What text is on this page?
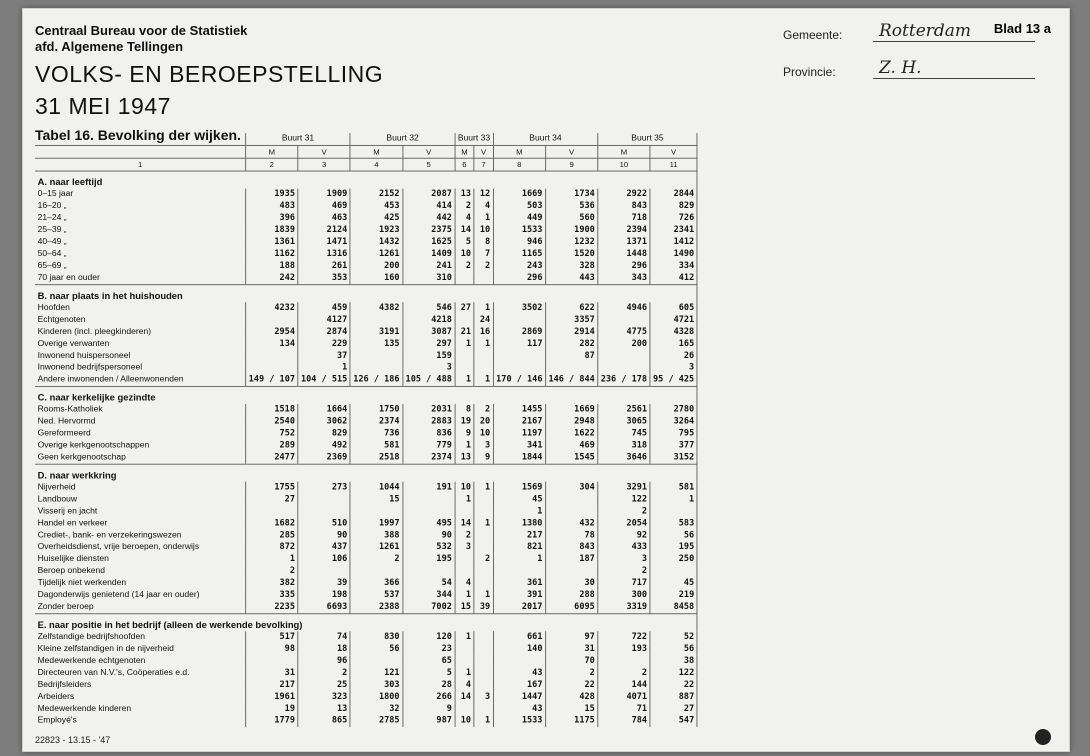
Centraal Bureau voor de Statistiek
afd. Algemene Tellingen
VOLKS- EN BEROEPSTELLING
31 MEI 1947
Tabel 16. Bevolking der wijken.
Gemeente:	Rotterdam
Provincie:	Z. H.
Blad 13 a
	Buurt 31		Buurt 32		Buurt 33		Buurt 34		Buurt 35	
	M	V	M	V	M	V	M	V	M	V
1	2	3	4	5	6	7	8	9	10	11
A. naar leeftijd										
0–15 jaar	1935	1909	2152	2087	13	12	1669	1734	2922	2844
16–20 „	483	469	453	414	2	4	503	536	843	829
21–24 „	396	463	425	442	4	1	449	560	718	726
25–39 „	1839	2124	1923	2375	14	10	1533	1900	2394	2341
40–49 „	1361	1471	1432	1625	5	8	946	1232	1371	1412
50–64 „	1162	1316	1261	1409	10	7	1165	1520	1448	1490
65–69 „	188	261	200	241	2	2	243	328	296	334
70 jaar en ouder	242	353	160	310			296	443	343	412
B. naar plaats in het huishouden										
Hoofden	4232	459	4382	546	27	1	3502	622	4946	605
Echtgenoten		4127		4218		24		3357		4721
Kinderen (incl. pleegkinderen)	2954	2874	3191	3087	21	16	2869	2914	4775	4328
Overige verwanten	134	229	135	297	1	1	117	282	200	165
Inwonend huispersoneel		37		159				87		26
Inwonend bedrijfspersoneel		1		3						3
Andere inwonenden / Alleenwonenden	149 / 107	104 / 515	126 / 186	105 / 488	1	1	170 / 146	146 / 844	236 / 178	95 / 425
C. naar kerkelijke gezindte										
Rooms-Katholiek	1518	1664	1750	2031	8	2	1455	1669	2561	2780
Ned. Hervormd	2540	3062	2374	2883	19	20	2167	2948	3065	3264
Gereformeerd	752	829	736	836	9	10	1197	1622	745	795
Overige kerkgenootschappen	289	492	581	779	1	3	341	469	318	377
Geen kerkgenootschap	2477	2369	2518	2374	13	9	1844	1545	3646	3152
D. naar werkkring										
Nijverheid	1755	273	1044	191	10	1	1569	304	3291	581
Landbouw	27		15		1		45		122	1
Visserij en jacht							1		2	
Handel en verkeer	1682	510	1997	495	14	1	1380	432	2054	583
Crediet-, bank- en verzekeringswezen	285	90	388	90	2		217	78	92	56
Overheidsdienst, vrije beroepen, onderwijs	872	437	1261	532	3		821	843	433	195
Huiselijke diensten	1	106	2	195		2	1	187	3	250
Beroep onbekend	2								2	
Tijdelijk niet werkenden	382	39	366	54	4		361	30	717	45
Dagonderwijs genietend (14 jaar en ouder)	335	198	537	344	1	1	391	288	300	219
Zonder beroep	2235	6693	2388	7002	15	39	2017	6095	3319	8458
E. naar positie in het bedrijf (alleen de werkende bevolking)										
Zelfstandige bedrijfshoofden	517	74	830	120	1		661	97	722	52
Kleine zelfstandigen in de nijverheid	98	18	56	23			140	31	193	56
Medewerkende echtgenoten		96		65				70		38
Directeuren van N.V.'s, Coöperaties e.d.	31	2	121	5	1		43	2	2	122
Bedrijfsleiders	217	25	303	28	4		167	22	144	22
Arbeiders	1961	323	1800	266	14	3	1447	428	4071	887
Medewerkende kinderen	19	13	32	9			43	15	71	27
Employé's	1779	865	2785	987	10	1	1533	1175	784	547
22823 - 13.15 - '47
